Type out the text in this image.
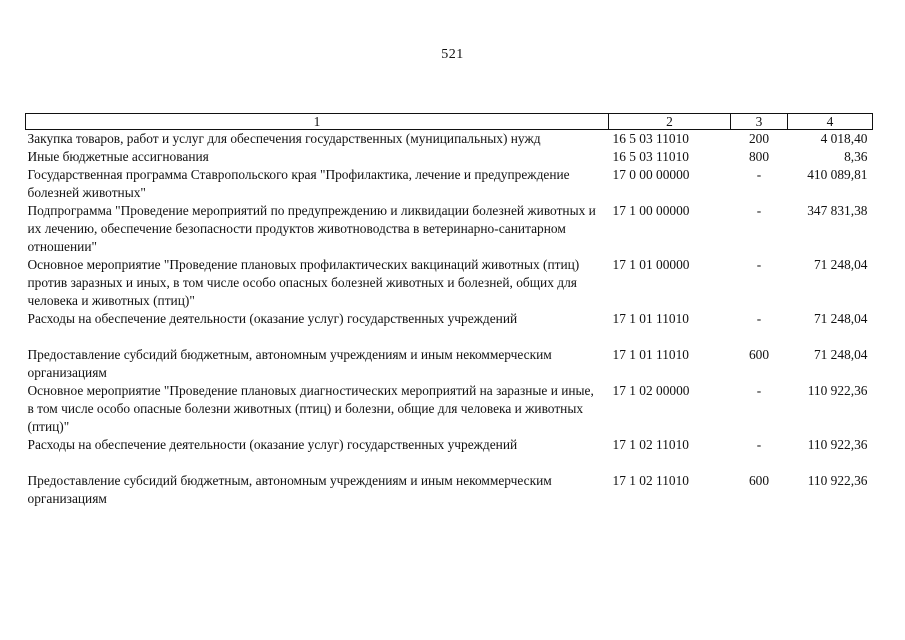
521
1	2	3	4
Закупка товаров, работ и услуг для обеспечения государственных (муниципальных) нужд	16 5 03 11010	200	4 018,40
Иные бюджетные ассигнования	16 5 03 11010	800	8,36
Государственная программа Ставропольского края "Профилактика, лечение и предупреждение болезней животных"	17 0 00 00000	-	410 089,81
Подпрограмма "Проведение мероприятий по предупреждению и ликвидации болезней животных и их лечению, обеспечение безопасности продуктов животноводства в ветеринарно-санитарном отношении"	17 1 00 00000	-	347 831,38
Основное мероприятие "Проведение плановых профилактических вакцинаций животных (птиц) против заразных и иных, в том числе особо опасных болезней животных и болезней, общих для человека и животных (птиц)"	17 1 01 00000	-	71 248,04
Расходы на обеспечение деятельности (оказание услуг) государственных учреждений	17 1 01 11010	-	71 248,04
Предоставление субсидий бюджетным, автономным учреждениям и иным некоммерческим организациям	17 1 01 11010	600	71 248,04
Основное мероприятие "Проведение плановых диагностических мероприятий на заразные и иные, в том числе особо опасные болезни животных (птиц) и болезни, общие для человека и животных (птиц)"	17 1 02 00000	-	110 922,36
Расходы на обеспечение деятельности (оказание услуг) государственных учреждений	17 1 02 11010	-	110 922,36
Предоставление субсидий бюджетным, автономным учреждениям и иным некоммерческим организациям	17 1 02 11010	600	110 922,36
